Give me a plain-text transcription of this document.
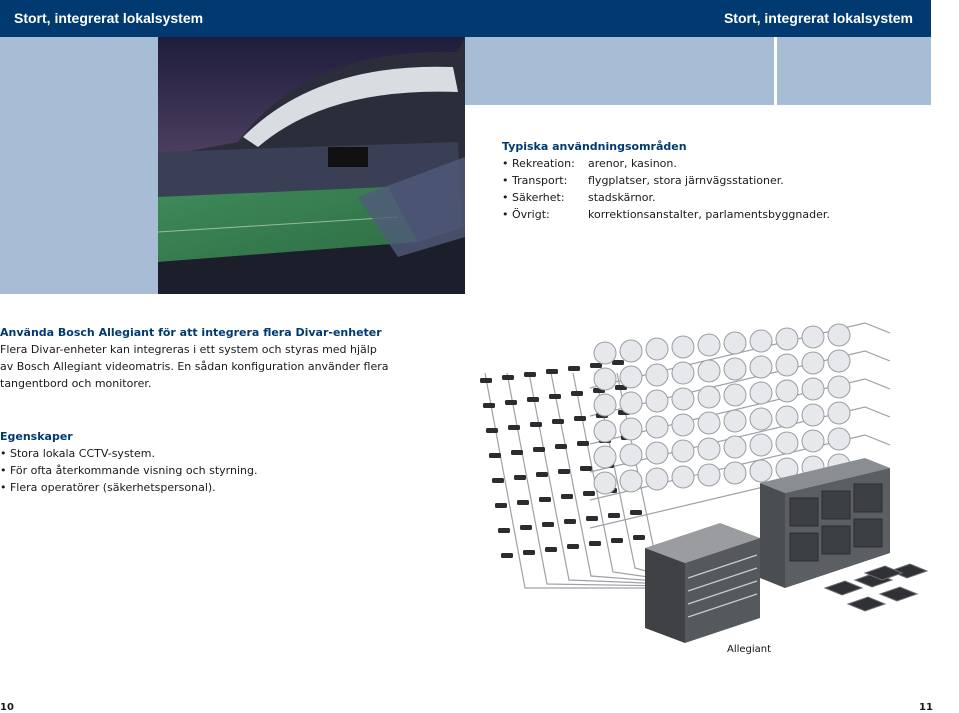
Stort, integrerat lokalsystem	Stort, integrerat lokalsystem
Typiska användningsområden
• Rekreation:	arenor, kasinon.
• Transport:	flygplatser, stora järnvägsstationer.
• Säkerhet:	stadskärnor.
• Övrigt:	korrektionsanstalter, parlamentsbyggnader.
Använda Bosch Allegiant för att integrera flera Divar-enheter
Flera Divar-enheter kan integreras i ett system och styras med hjälp
av Bosch Allegiant videomatris. En sådan konfiguration använder flera
tangentbord och monitorer.
Egenskaper
• Stora lokala CCTV-system.
• För ofta återkommande visning och styrning.
• Flera operatörer (säkerhetspersonal).
Allegiant
10	11
